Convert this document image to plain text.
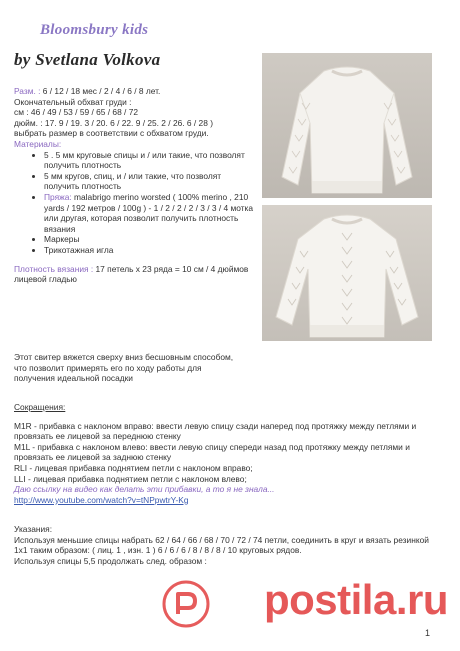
Bloomsbury kids
by Svetlana Volkova

Разм. : 6 / 12 / 18 мес / 2 / 4 / 6 / 8 лет.

Окончательный обхват груди :

см : 46 / 49 / 53 / 59 / 65 / 68 / 72

дюйм. : 17. 9 / 19. 3 / 20. 6 / 22. 9 / 25. 2 / 26. 6 / 28 )

выбрать размер в соответствии с обхватом груди.

Материалы:

• 5 . 5 мм круговые спицы и / или такие, что позволят получить плотность
• 5 мм кругов, спиц, и / или такие, что позволят получить плотность
• Пряжа: malabrigo merino worsted ( 100% merino , 210 yards / 192 метров / 100g ) - 1 / 2 / 2 / 2 / 3 / 3 / 4 мотка или другая, которая позволит получить плотность вязания
• Маркеры
• Трикотажная игла

Плотность вязания : 17 петель x 23 ряда = 10 см / 4 дюймов лицевой гладью

Этот свитер вяжется сверху вниз бесшовным способом, что позволит примерять его по ходу работы для получения идеальной посадки

Сокращения:

M1R - прибавка с наклоном вправо: ввести левую спицу сзади наперед под протяжку между петлями и провязать ее лицевой за переднюю стенку

M1L - прибавка с наклоном влево: ввести левую спицу спереди назад под протяжку между петлями и провязать ее лицевой за заднюю стенку

RLI - лицевая прибавка поднятием петли с наклоном вправо;

LLI - лицевая прибавка поднятием петли с наклоном влево;

Даю ссылку на видео как делать эти прибавки, а то я не знала...

http://www.youtube.com/watch?v=tNPpwtrY-Kg

Указания:

Используя меньшие спицы набрать 62 / 64 / 66 / 68 / 70 / 72 / 74 петли, соединить в круг и вязать резинкой 1x1 таким образом: ( лиц. 1 , изн. 1 ) 6 / 6 / 6 / 8 / 8 / 8 / 10 круговых рядов.

Используя спицы 5,5 продолжать след. образом :

postila.ru
1
